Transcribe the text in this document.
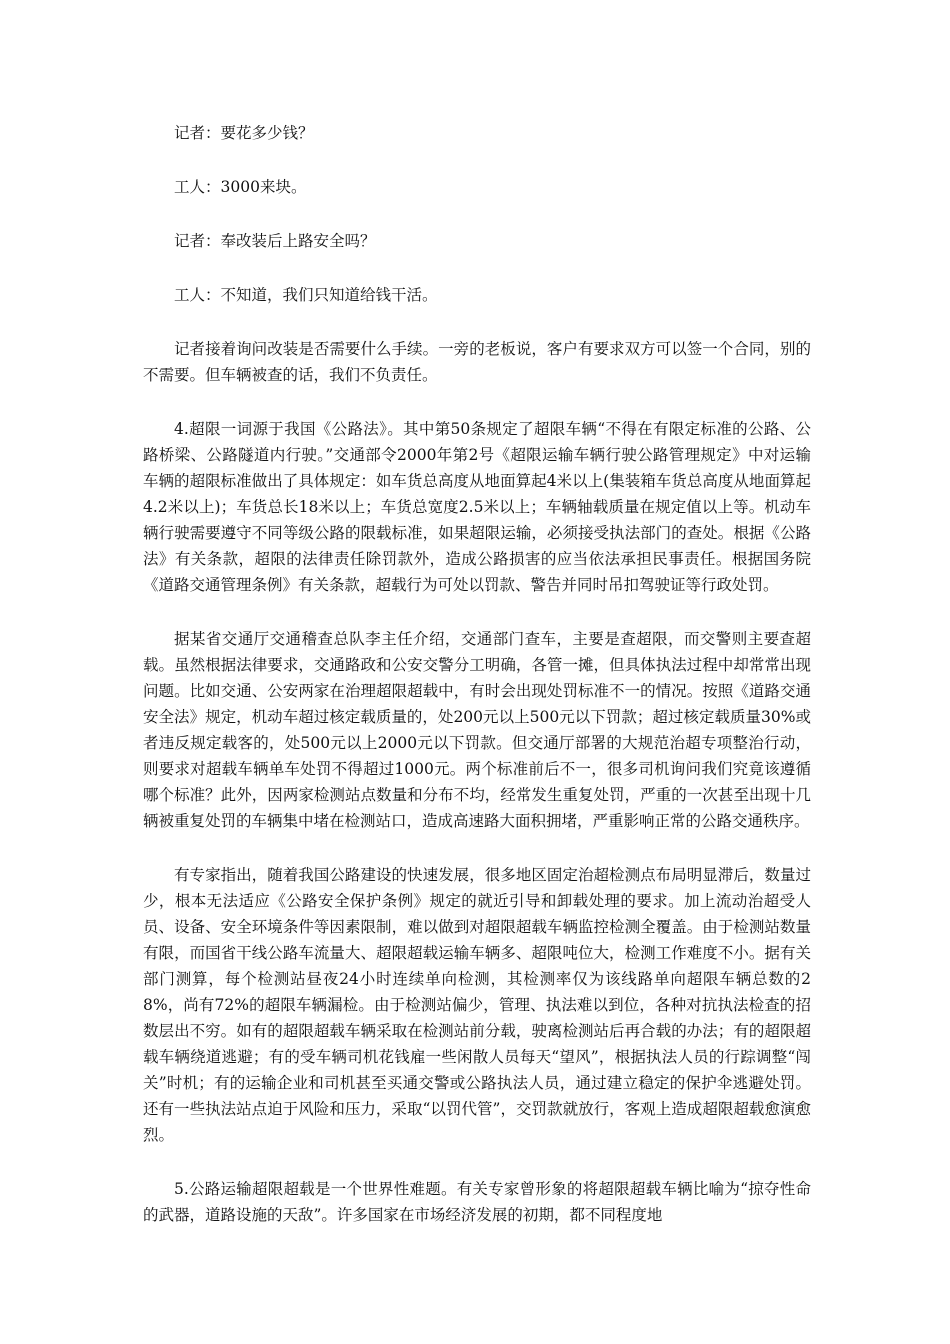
记者：要花多少钱？

工人：3000来块。

记者：奉改装后上路安全吗？

工人：不知道，我们只知道给钱干活。

记者接着询问改装是否需要什么手续。一旁的老板说，客户有要求双方可以签一个合同，别的不需要。但车辆被查的话，我们不负责任。

4.超限一词源于我国《公路法》。其中第50条规定了超限车辆“不得在有限定标准的公路、公路桥梁、公路隧道内行驶。”交通部令2000年第2号《超限运输车辆行驶公路管理规定》中对运输车辆的超限标准做出了具体规定：如车货总高度从地面算起4米以上(集装箱车货总高度从地面算起4.2米以上)；车货总长18米以上；车货总宽度2.5米以上；车辆轴载质量在规定值以上等。机动车辆行驶需要遵守不同等级公路的限载标准，如果超限运输，必须接受执法部门的查处。根据《公路法》有关条款，超限的法律责任除罚款外，造成公路损害的应当依法承担民事责任。根据国务院《道路交通管理条例》有关条款，超载行为可处以罚款、警告并同时吊扣驾驶证等行政处罚。

据某省交通厅交通稽查总队李主任介绍，交通部门查车，主要是查超限，而交警则主要查超载。虽然根据法律要求，交通路政和公安交警分工明确，各管一摊，但具体执法过程中却常常出现问题。比如交通、公安两家在治理超限超载中，有时会出现处罚标准不一的情况。按照《道路交通安全法》规定，机动车超过核定载质量的，处200元以上500元以下罚款；超过核定载质量30%或者违反规定载客的，处500元以上2000元以下罚款。但交通厅部署的大规范治超专项整治行动，则要求对超载车辆单车处罚不得超过1000元。两个标准前后不一，很多司机询问我们究竟该遵循哪个标准？此外，因两家检测站点数量和分布不均，经常发生重复处罚，严重的一次甚至出现十几辆被重复处罚的车辆集中堵在检测站口，造成高速路大面积拥堵，严重影响正常的公路交通秩序。

有专家指出，随着我国公路建设的快速发展，很多地区固定治超检测点布局明显滞后，数量过少，根本无法适应《公路安全保护条例》规定的就近引导和卸载处理的要求。加上流动治超受人员、设备、安全环境条件等因素限制，难以做到对超限超载车辆监控检测全覆盖。由于检测站数量有限，而国省干线公路车流量大、超限超载运输车辆多、超限吨位大，检测工作难度不小。据有关部门测算，每个检测站昼夜24小时连续单向检测，其检测率仅为该线路单向超限车辆总数的28%，尚有72%的超限车辆漏检。由于检测站偏少，管理、执法难以到位，各种对抗执法检查的招数层出不穷。如有的超限超载车辆采取在检测站前分载，驶离检测站后再合载的办法；有的超限超载车辆绕道逃避；有的受车辆司机花钱雇一些闲散人员每天“望风”，根据执法人员的行踪调整“闯关”时机；有的运输企业和司机甚至买通交警或公路执法人员，通过建立稳定的保护伞逃避处罚。还有一些执法站点迫于风险和压力，采取“以罚代管”，交罚款就放行，客观上造成超限超载愈演愈烈。

5.公路运输超限超载是一个世界性难题。有关专家曾形象的将超限超载车辆比喻为“掠夺性命的武器，道路设施的天敌”。许多国家在市场经济发展的初期，都不同程度地
